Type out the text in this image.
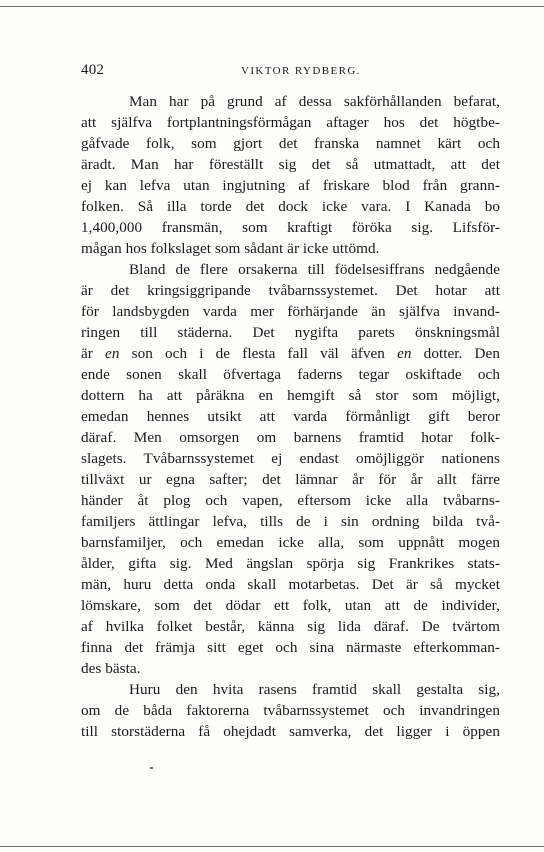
402	VIKTOR RYDBERG.
Man har på grund af dessa sakförhållanden befarat,
att själfva fortplantningsförmågan aftager hos det högtbe-
gåfvade folk, som gjort det franska namnet kärt och
äradt. Man har föreställt sig det så utmattadt, att det
ej kan lefva utan ingjutning af friskare blod från grann-
folken. Så illa torde det dock icke vara. I Kanada bo
1,400,000 fransmän, som kraftigt föröka sig. Lifsför-
mågan hos folkslaget som sådant är icke uttömd.
Bland de flere orsakerna till födelsesiffrans nedgående
är det kringsiggripande tvåbarnssystemet. Det hotar att
för landsbygden varda mer förhärjande än själfva invand-
ringen till städerna. Det nygifta parets önskningsmål
är en son och i de flesta fall väl äfven en dotter. Den
ende sonen skall öfvertaga faderns tegar oskiftade och
dottern ha att påräkna en hemgift så stor som möjligt,
emedan hennes utsikt att varda förmånligt gift beror
däraf. Men omsorgen om barnens framtid hotar folk-
slagets. Tvåbarnssystemet ej endast omöjliggör nationens
tillväxt ur egna safter; det lämnar år för år allt färre
händer åt plog och vapen, eftersom icke alla tvåbarns-
familjers ättlingar lefva, tills de i sin ordning bilda två-
barnsfamiljer, och emedan icke alla, som uppnått mogen
ålder, gifta sig. Med ängslan spörja sig Frankrikes stats-
män, huru detta onda skall motarbetas. Det är så mycket
lömskare, som det dödar ett folk, utan att de individer,
af hvilka folket består, känna sig lida däraf. De tvärtom
finna det främja sitt eget och sina närmaste efterkomman-
des bästa.
Huru den hvita rasens framtid skall gestalta sig,
om de båda faktorerna tvåbarnssystemet och invandringen
till storstäderna få ohejdadt samverka, det ligger i öppen
